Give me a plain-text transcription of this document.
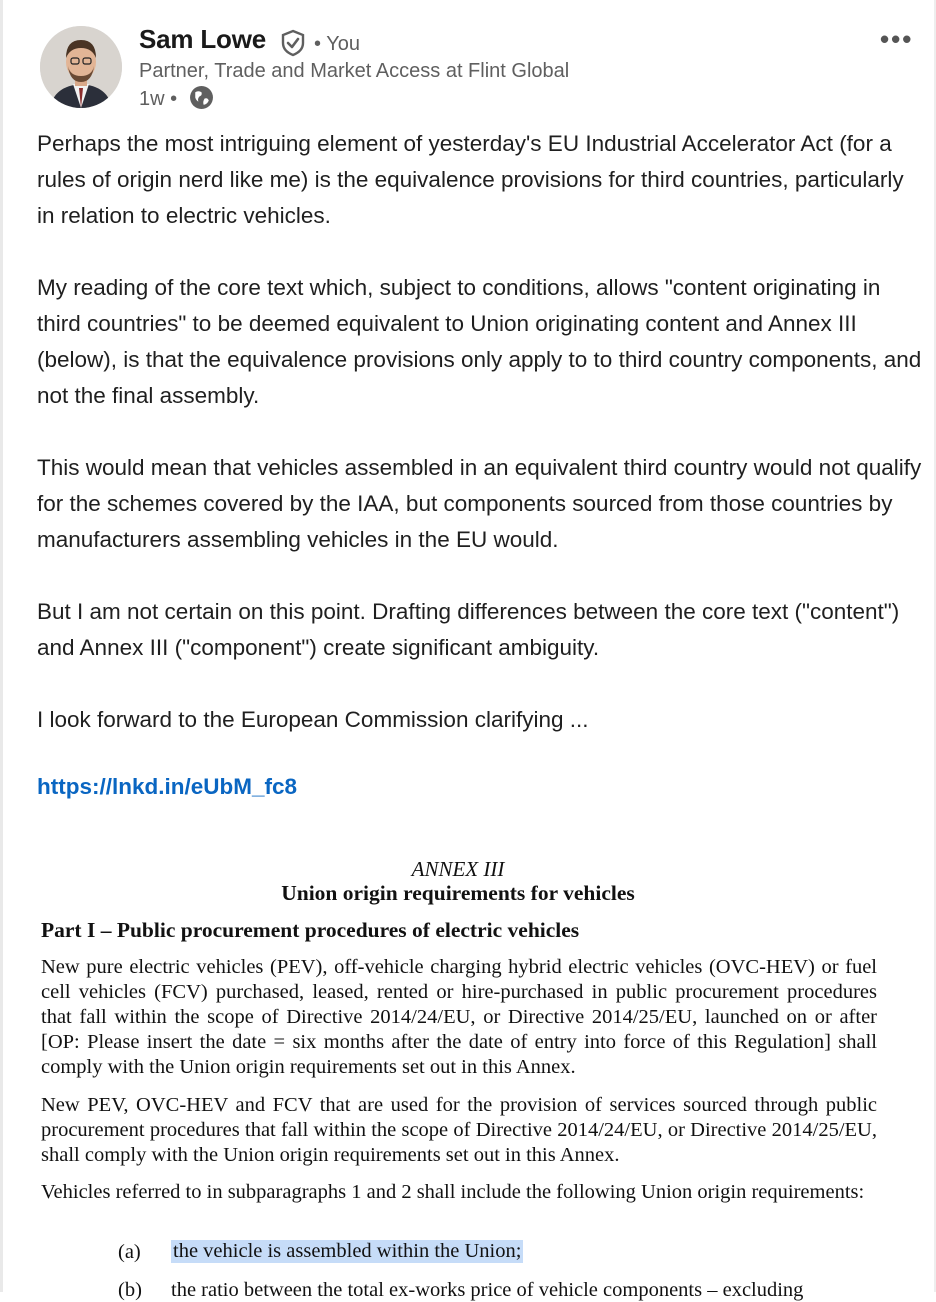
Sam Lowe • You
Partner, Trade and Market Access at Flint Global
1w •
•••

Perhaps the most intriguing element of yesterday's EU Industrial Accelerator Act (for a rules of origin nerd like me) is the equivalence provisions for third countries, particularly in relation to electric vehicles.

My reading of the core text which, subject to conditions, allows "content originating in third countries" to be deemed equivalent to Union originating content and Annex III (below), is that the equivalence provisions only apply to to third country components, and not the final assembly.

This would mean that vehicles assembled in an equivalent third country would not qualify for the schemes covered by the IAA, but components sourced from those countries by manufacturers assembling vehicles in the EU would.

But I am not certain on this point. Drafting differences between the core text ("content") and Annex III ("component") create significant ambiguity.

I look forward to the European Commission clarifying ...

https://lnkd.in/eUbM_fc8
ANNEX III
Union origin requirements for vehicles
Part I – Public procurement procedures of electric vehicles
New pure electric vehicles (PEV), off-vehicle charging hybrid electric vehicles (OVC-HEV) or fuel cell vehicles (FCV) purchased, leased, rented or hire-purchased in public procurement procedures that fall within the scope of Directive 2014/24/EU, or Directive 2014/25/EU, launched on or after [OP: Please insert the date = six months after the date of entry into force of this Regulation] shall comply with the Union origin requirements set out in this Annex.
New PEV, OVC-HEV and FCV that are used for the provision of services sourced through public procurement procedures that fall within the scope of Directive 2014/24/EU, or Directive 2014/25/EU, shall comply with the Union origin requirements set out in this Annex.
Vehicles referred to in subparagraphs 1 and 2 shall include the following Union origin requirements:
(a) the vehicle is assembled within the Union;
(b) the ratio between the total ex-works price of vehicle components – excluding
